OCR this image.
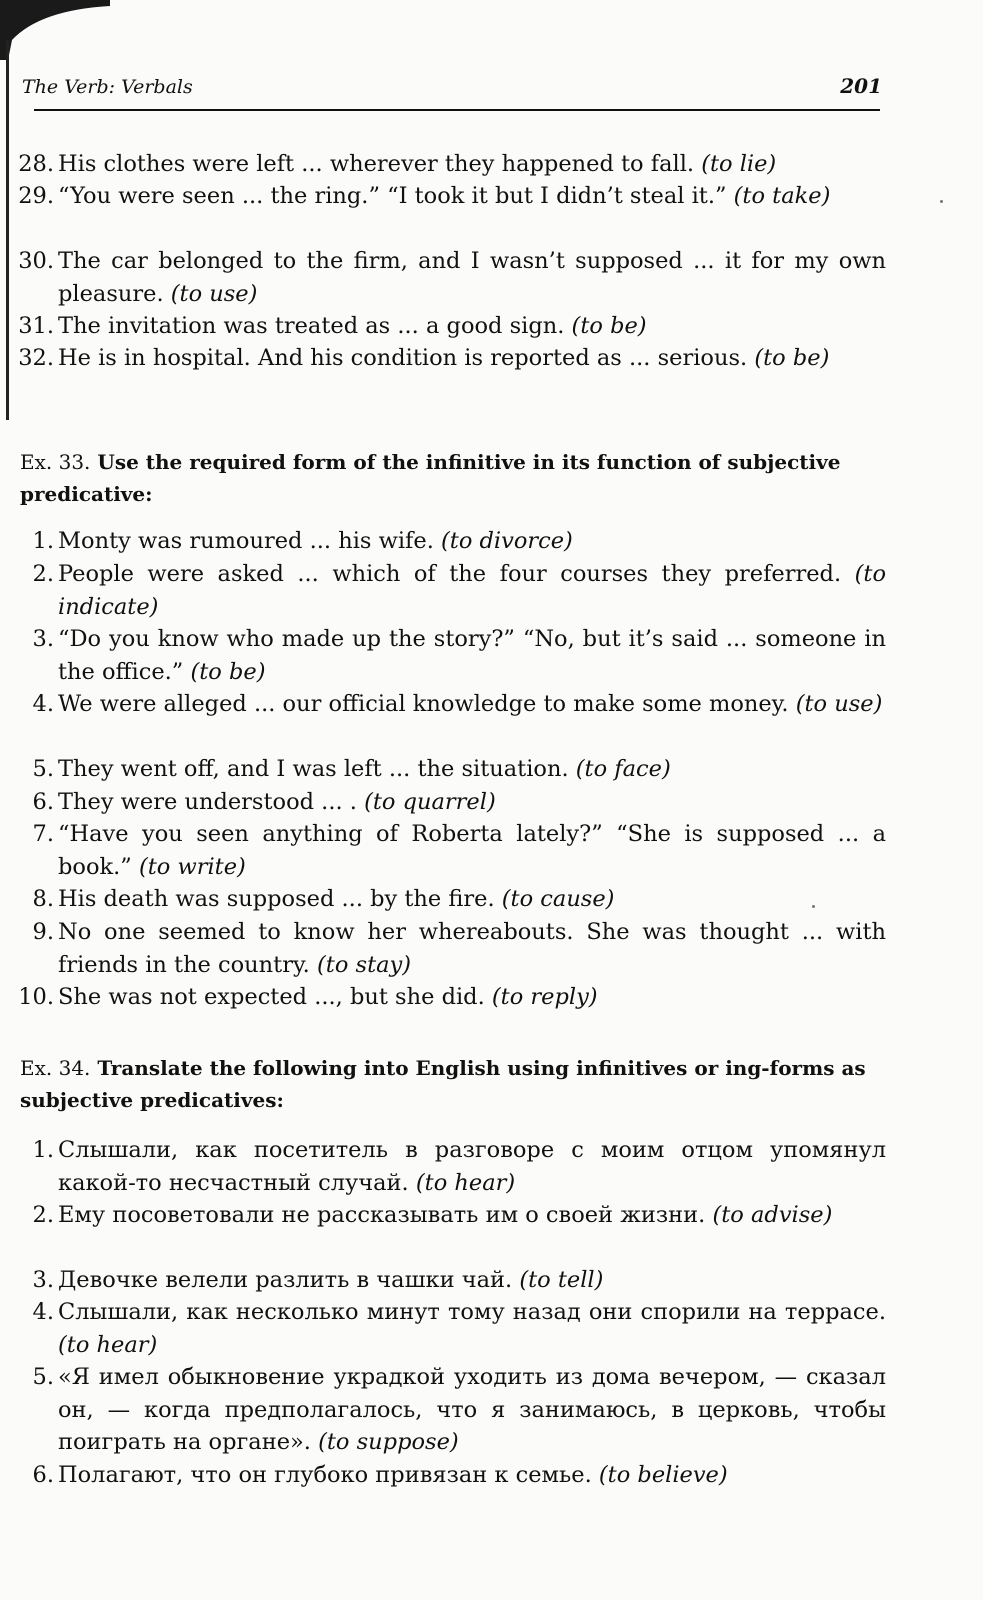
The Verb: Verbals	201
28. His clothes were left ... wherever they happened to fall. (to lie)

29. “You were seen ... the ring.” “I took it but I didn’t steal it.” (to take)

30. The car belonged to the firm, and I wasn’t supposed ... it for my own pleasure. (to use)

31. The invitation was treated as ... a good sign. (to be)

32. He is in hospital. And his condition is reported as ... serious. (to be)

Ex. 33. Use the required form of the infinitive in its function of subjective predicative:
1. Monty was rumoured ... his wife. (to divorce)

2. People were asked ... which of the four courses they preferred. (to indicate)

3. “Do you know who made up the story?” “No, but it’s said ... someone in the office.” (to be)

4. We were alleged ... our official knowledge to make some money. (to use)

5. They went off, and I was left ... the situation. (to face)

6. They were understood ... . (to quarrel)

7. “Have you seen anything of Roberta lately?” “She is supposed ... a book.” (to write)

8. His death was supposed ... by the fire. (to cause)

9. No one seemed to know her whereabouts. She was thought ... with friends in the country. (to stay)

10. She was not expected ..., but she did. (to reply)

Ex. 34. Translate the following into English using infinitives or ing-forms as subjective predicatives:
1. Слышали, как посетитель в разговоре с моим отцом упомянул какой-то несчастный случай. (to hear)

2. Ему посоветовали не рассказывать им о своей жизни. (to advise)

3. Девочке велели разлить в чашки чай. (to tell)

4. Слышали, как несколько минут тому назад они спорили на террасе. (to hear)

5. «Я имел обыкновение украдкой уходить из дома вечером, — сказал он, — когда предполагалось, что я занимаюсь, в церковь, чтобы поиграть на органе». (to suppose)

6. Полагают, что он глубоко привязан к семье. (to believe)
